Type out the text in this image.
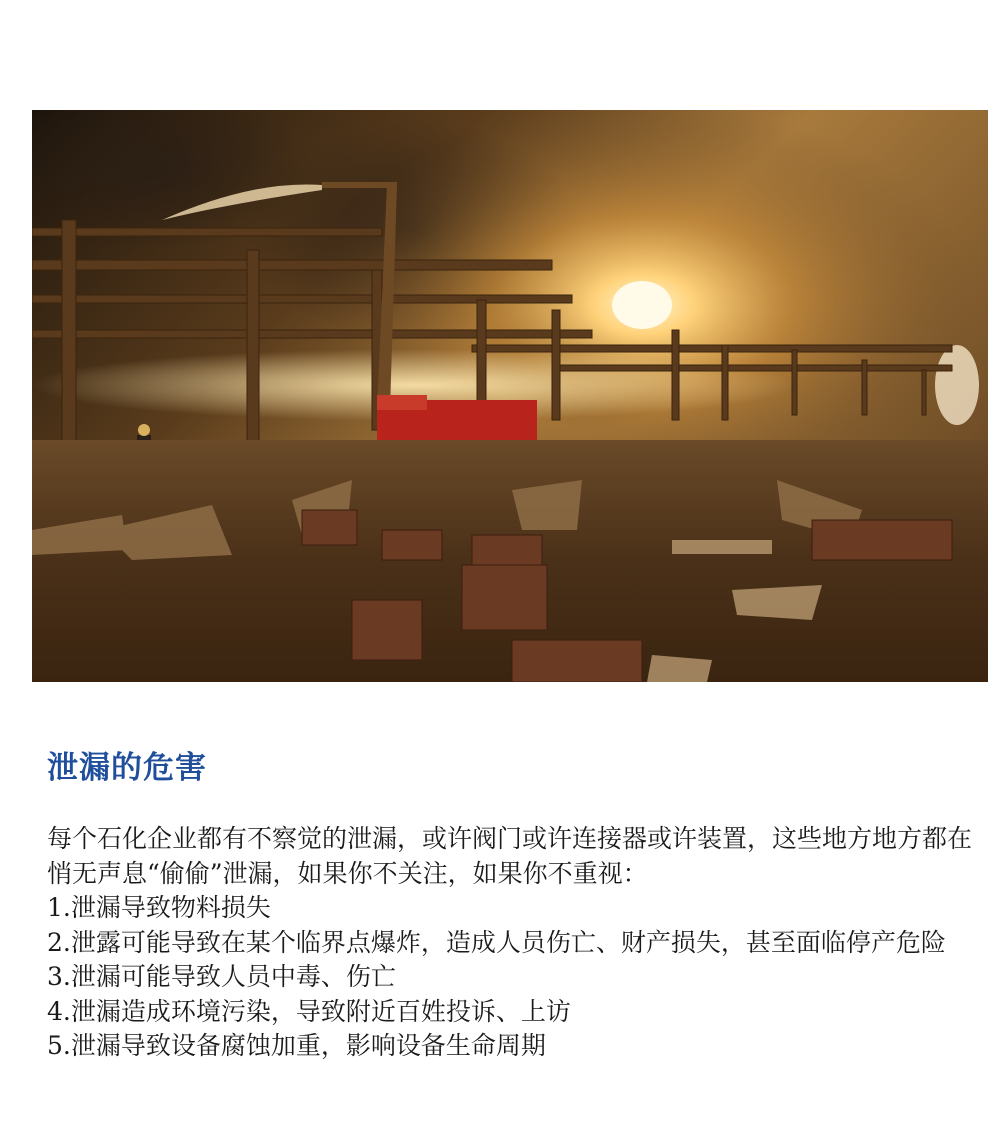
泄漏的危害

每个石化企业都有不察觉的泄漏，或许阀门或许连接器或许装置，这些地方地方都在悄无声息“偷偷”泄漏，如果你不关注，如果你不重视：

1.泄漏导致物料损失
2.泄露可能导致在某个临界点爆炸，造成人员伤亡、财产损失，甚至面临停产危险
3.泄漏可能导致人员中毒、伤亡
4.泄漏造成环境污染，导致附近百姓投诉、上访
5.泄漏导致设备腐蚀加重，影响设备生命周期
